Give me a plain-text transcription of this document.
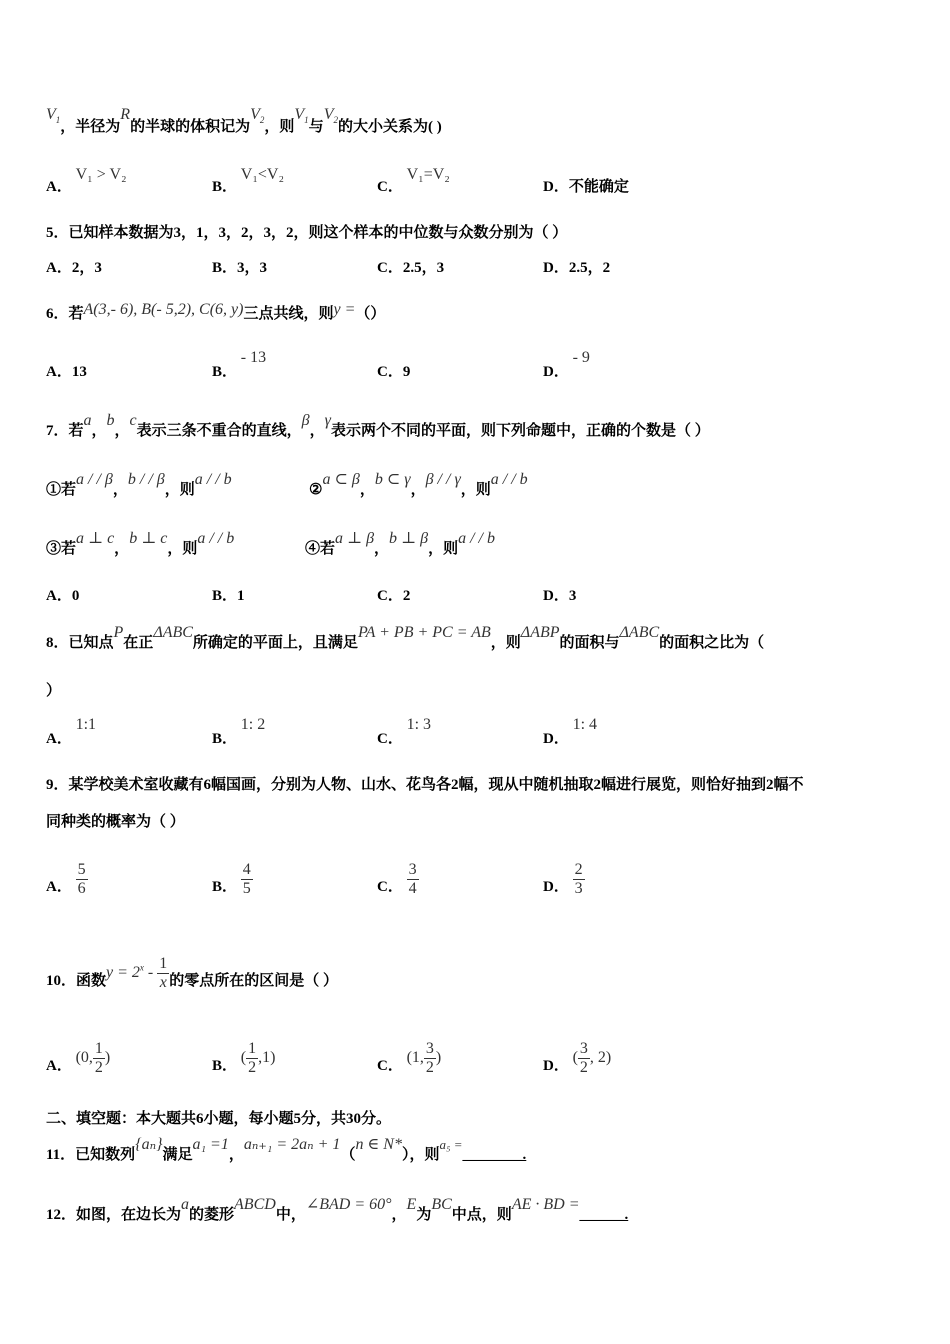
$V_1$，半径为R的半球的体积记为$V_2$，则$V_1$与$V_2$的大小关系为( )
A． V₁ > V₂
B． V₁<V₂
C． V₁=V₂
D．不能确定
5．已知样本数据为3，1，3，2，3，2，则这个样本的中位数与众数分别为（ ）
A．2，3	B．3，3	C．2.5，3	D．2.5，2
6．若A(3,- 6), B(- 5,2), C(6, y)三点共线，则y =（）
A．13	B． - 13
C．9	D． - 9
7．若a，b，c表示三条不重合的直线，β，γ表示两个不同的平面，则下列命题中，正确的个数是（ ）
①若a / / β，b / / β，则a / / b
②a ⊂ β，b ⊂ γ，β / / γ，则a / / b
③若a ⊥ c，b ⊥ c，则a / / b
④若a ⊥ β，b ⊥ β，则a / / b
A．0	B．1	C．2	D．3
8．已知点P在正ΔABC所确定的平面上，且满足PA + PB + PC = AB，则ΔABP的面积与ΔABC的面积之比为（
）
A． 1:1
B． 1: 2
C． 1: 3
D． 1: 4
9．某学校美术室收藏有6幅国画，分别为人物、山水、花鸟各2幅，现从中随机抽取2幅进行展览，则恰好抽到2幅不
同种类的概率为（ ）
A． $\frac{5}{6}$	B． $\frac{4}{5}$	C． $\frac{3}{4}$	D． $\frac{2}{3}$
10．函数$y = 2^x - \frac{1}{x}$ 的零点所在的区间是（ ）
A． (0, $\frac{1}{2}$ )	B． ( $\frac{1}{2} ,1$)	C． (1, $\frac{3}{2}$ )	D． ( $\frac{3}{2}$ , 2)
二、填空题：本大题共6小题，每小题5分，共30分。
11．已知数列{aₙ}满足a₁ =1，aₙ₊₁ = 2aₙ + 1（n ∈ N*），则a₅ =________.
12．如图，在边长为a的菱形ABCD中，∠BAD = 60°，E为BC中点，则AE · BD =______.
